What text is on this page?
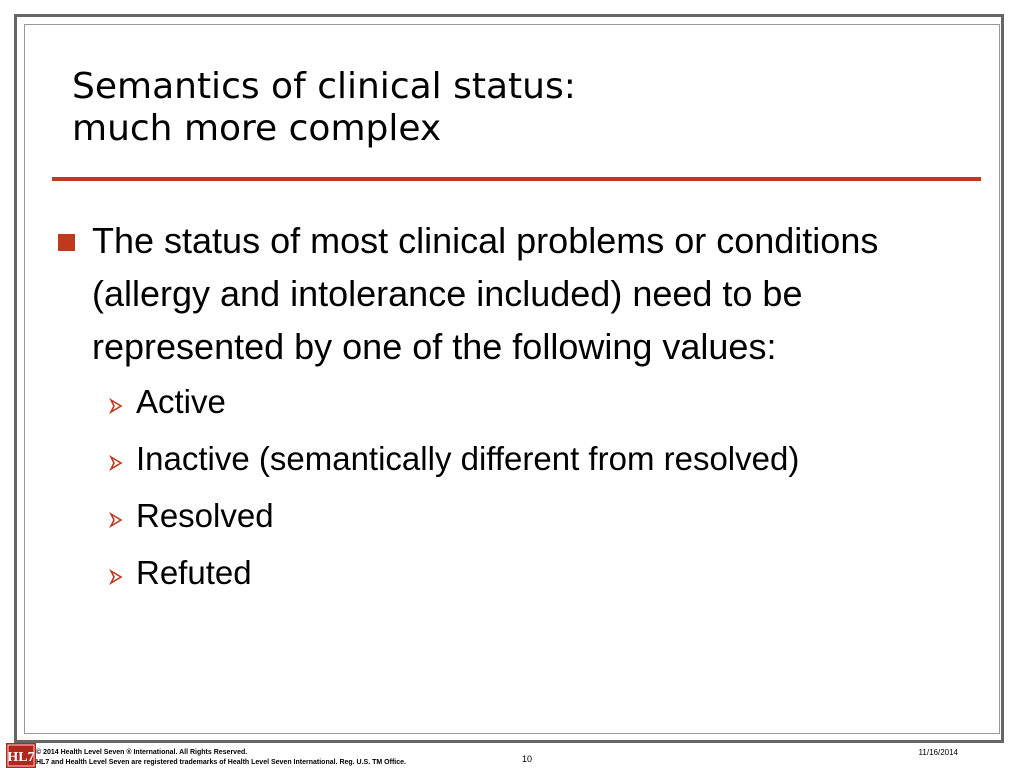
Semantics of clinical status:
much more complex
The status of most clinical problems or conditions (allergy and intolerance included) need to be represented by one of the following values:
Active
Inactive (semantically different from resolved)
Resolved
Refuted
HL7 © 2014 Health Level Seven ® International. All Rights Reserved.
HL7 and Health Level Seven are registered trademarks of Health Level Seven International. Reg. U.S. TM Office.	10
11/16/2014
